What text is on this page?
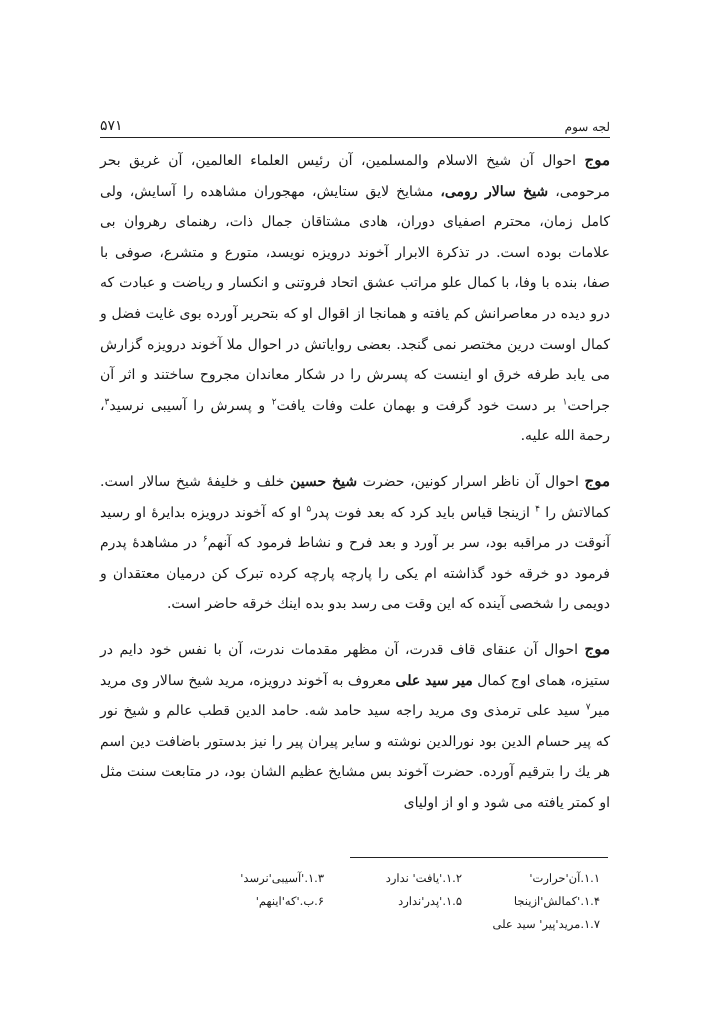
لجه سوم
۵۷۱

موج احوال آن شیخ الاسلام والمسلمین، آن رئیس العلماء العالمین، آن غریق بحر مرحومی، شیخ سالار رومی، مشایخ لایق ستایش، مهجوران مشاهده را آسایش، ولی کامل زمان، محترم اصفیای دوران، هادی مشتاقان جمال ذات، رهنمای رهروان بی علامات بوده است. در تذکرة الابرار آخوند درویزه نویسد، متورع و متشرع، صوفی با صفا، بنده با وفا، با کمال علو مراتب عشق اتحاد فروتنی و انکسار و ریاضت و عبادت که درو دیده در معاصرانش کم یافته و همانجا از اقوال او که بتحریر آورده بوی غایت فضل و کمال اوست درین مختصر نمی گنجد. بعضی روایاتش در احوال ملا آخوند درویزه گزارش می یابد طرفه خرق او اینست که پسرش را در شکار معاندان مجروح ساختند و اثر آن جراحت$^۱$ بر دست خود گرفت و بهمان علت وفات یافت$^۲$ و پسرش را آسیبی نرسید$^۳$، رحمة الله علیه.

موج احوال آن ناظر اسرار کونین، حضرت شیخ حسین خلف و خلیفهٔ شیخ سالار است. کمالاتش را $^۴$ ازینجا قیاس باید کرد که بعد فوت پدر$^۵$ او که آخوند درویزه بدایرهٔ او رسید آنوقت در مراقبه بود، سر بر آورد و بعد فرح و نشاط فرمود که آنهم$^۶$ در مشاهدهٔ پدرم فرمود دو خرقه خود گذاشته ام یکی را پارچه پارچه کرده تبرک کن درمیان معتقدان و دویمی را شخصی آینده که این وقت می رسد بدو بده اینك خرقه حاضر است.

موج احوال آن عنقای قاف قدرت، آن مظهر مقدمات ندرت، آن با نفس خود دایم در ستیزه، همای اوج کمال میر سید علی معروف به آخوند درویزه، مرید شیخ سالار وی مرید میر$^۷$ سید علی ترمذی وی مرید راجه سید حامد شه. حامد الدین قطب عالم و شیخ نور که پیر حسام الدین بود نورالدین نوشته و سایر پیران پیر را نیز بدستور باضافت دین اسم هر یك را بترقیم آورده. حضرت آخوند بس مشایخ عظیم الشان بود، در متابعت سنت مثل او کمتر یافته می شود و او از اولیای

۱.۱.آن'حرارت'
۱.۲.'یافت' ندارد
۱.۳.'آسیبی'نرسد'
۱.۴.'کمالش'ازینجا
۱.۵.'پدر'ندارد
۶.ب.'که'اینهم'
۱.۷.مرید'پیر' سید علی
